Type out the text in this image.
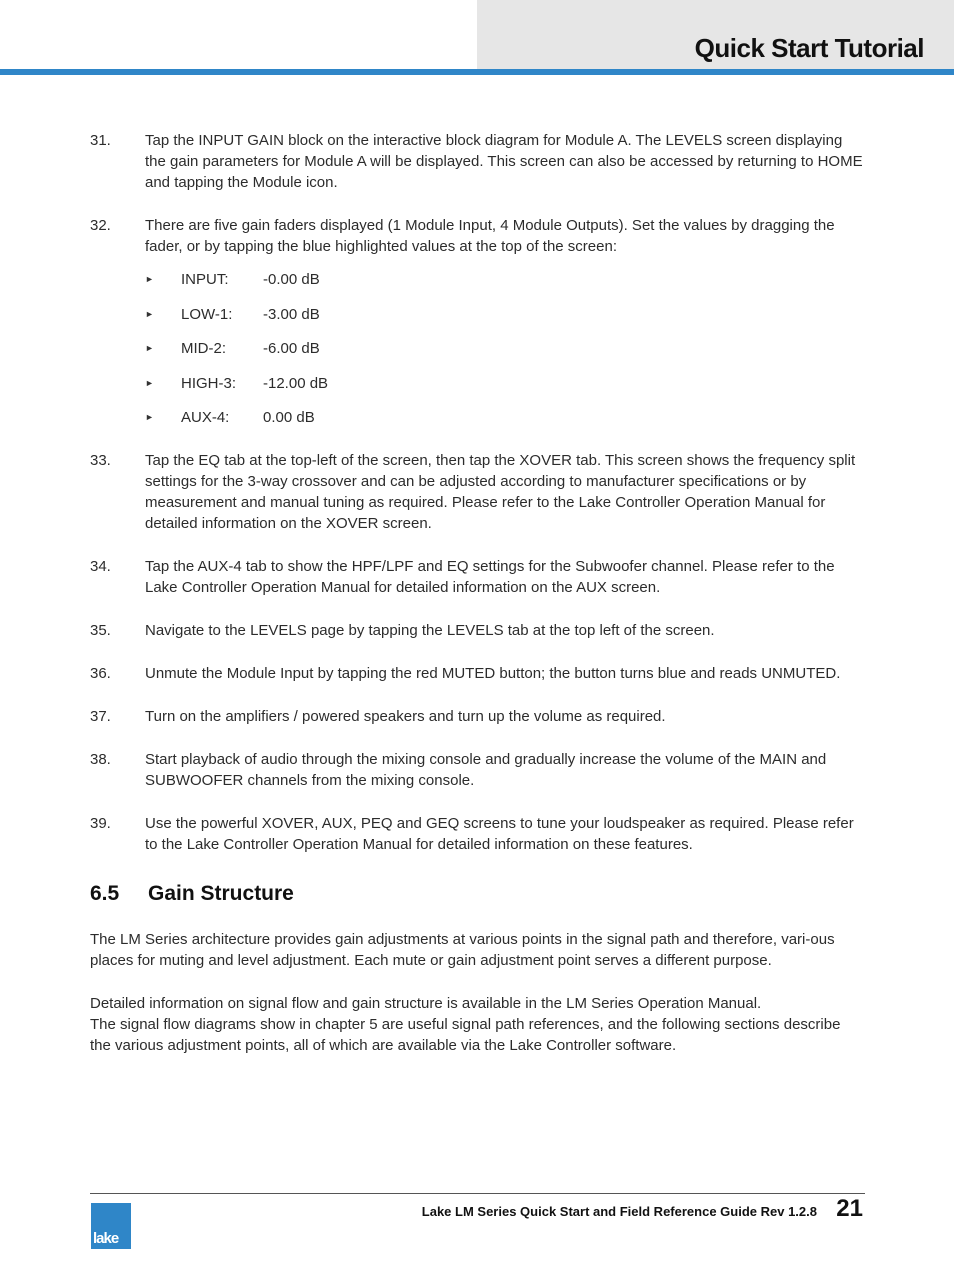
Quick Start Tutorial
31.	Tap the INPUT GAIN block on the interactive block diagram for Module A. The LEVELS screen displaying the gain parameters for Module A will be displayed. This screen can also be accessed by returning to HOME and tapping the Module icon.
32.	There are five gain faders displayed (1 Module Input, 4 Module Outputs). Set the values by dragging the fader, or by tapping the blue highlighted values at the top of the screen:
►	INPUT:	-0.00 dB
►	LOW-1:	-3.00 dB
►	MID-2:	-6.00 dB
►	HIGH-3:	-12.00 dB
►	AUX-4:	0.00 dB
33.	Tap the EQ tab at the top-left of the screen, then tap the XOVER tab. This screen shows the frequency split settings for the 3-way crossover and can be adjusted according to manufacturer specifications or by measurement and manual tuning as required. Please refer to the Lake Controller Operation Manual for detailed information on the XOVER screen.
34.	Tap the AUX-4 tab to show the HPF/LPF and EQ settings for the Subwoofer channel. Please refer to the Lake Controller Operation Manual for detailed information on the AUX screen.
35.	Navigate to the LEVELS page by tapping the LEVELS tab at the top left of the screen.
36.	Unmute the Module Input by tapping the red MUTED button; the button turns blue and reads UNMUTED.
37.	Turn on the amplifiers / powered speakers and turn up the volume as required.
38.	Start playback of audio through the mixing console and gradually increase the volume of the MAIN and SUBWOOFER channels from the mixing console.
39.	Use the powerful XOVER, AUX, PEQ and GEQ screens to tune your loudspeaker as required. Please refer to the Lake Controller Operation Manual for detailed information on these features.
6.5	Gain Structure

The LM Series architecture provides gain adjustments at various points in the signal path and therefore, vari-ous places for muting and level adjustment. Each mute or gain adjustment point serves a different purpose.

Detailed information on signal flow and gain structure is available in the LM Series Operation Manual.
The signal flow diagrams show in chapter 5 are useful signal path references, and the following sections describe the various adjustment points, all of which are available via the Lake Controller software.

lake
Lake LM Series Quick Start and Field Reference Guide Rev 1.2.8 21
